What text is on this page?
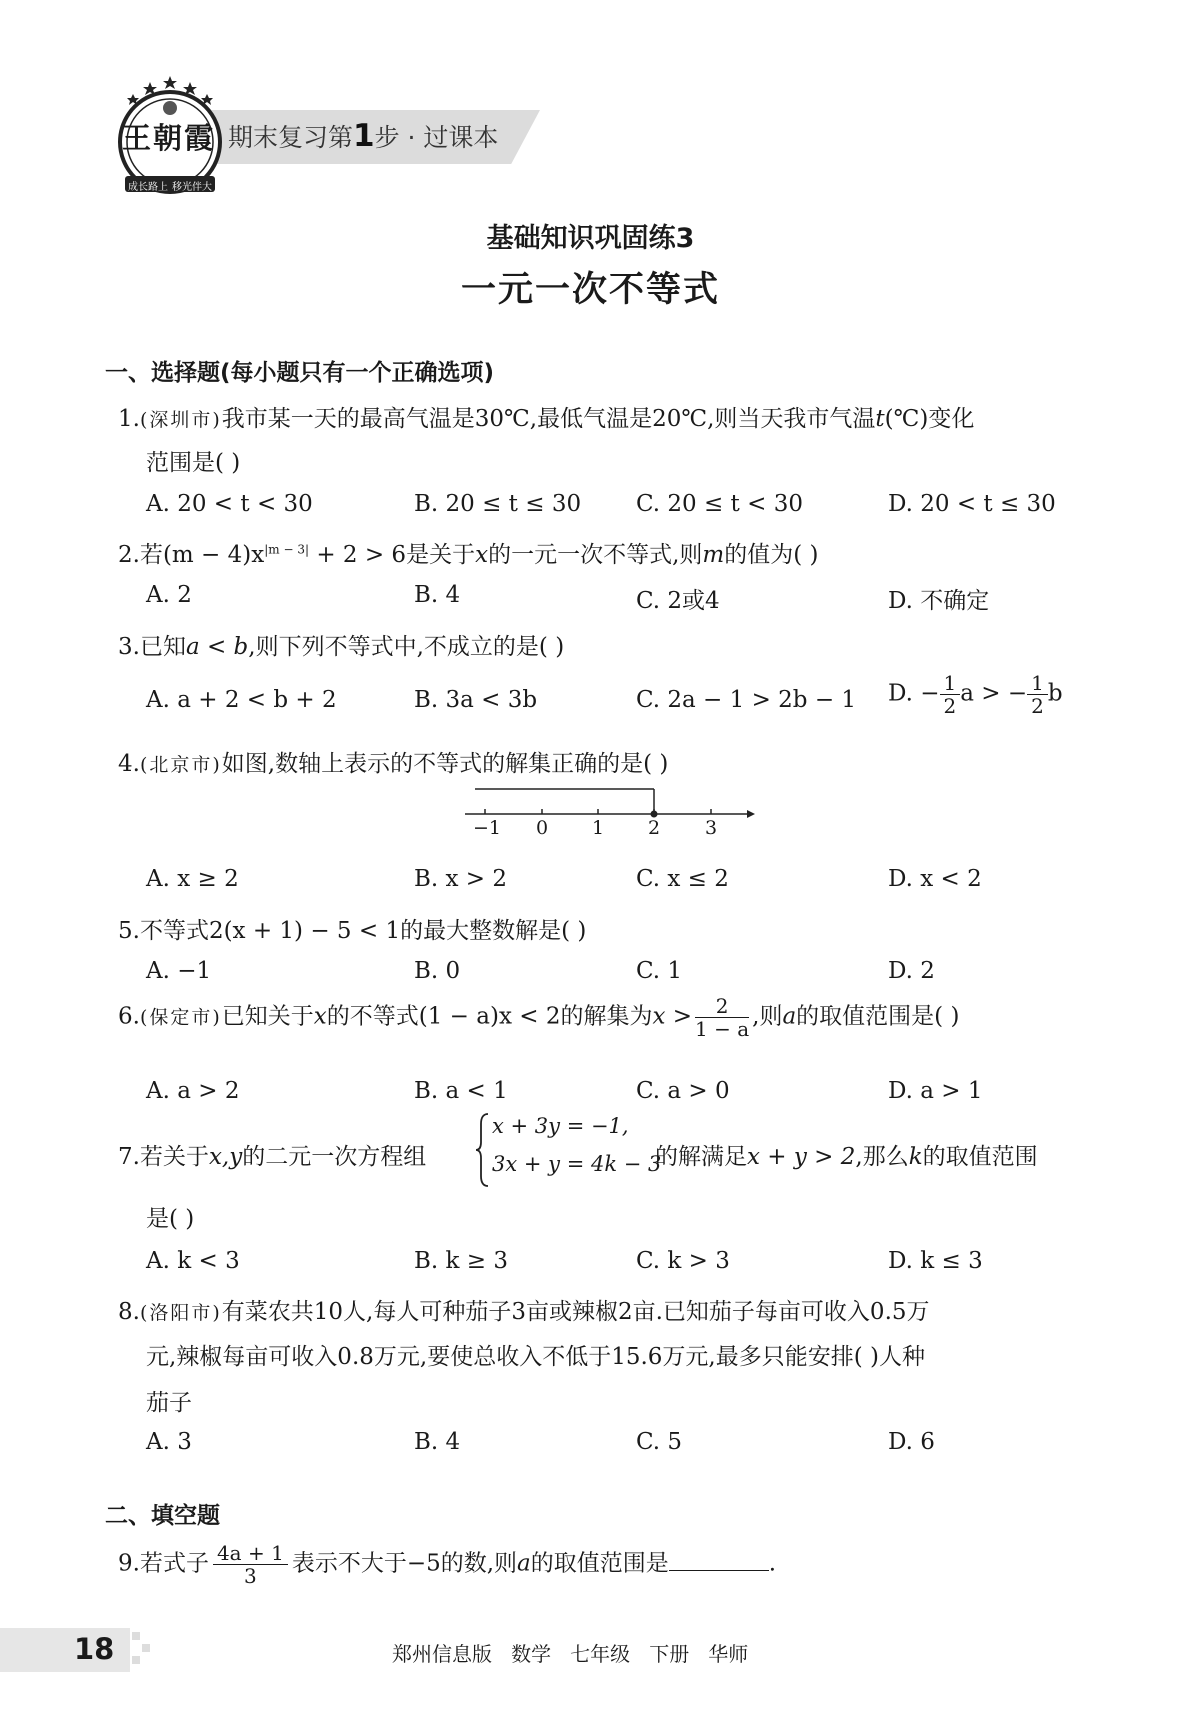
期末复习第1步 · 过课本
王朝霞
成长路上 移光伴大
基础知识巩固练3
一元一次不等式
一、选择题(每小题只有一个正确选项)
1.(深圳市)我市某一天的最高气温是30℃,最低气温是20℃,则当天我市气温t(℃)变化
范围是( )
A. 20 < t < 30	B. 20 ≤ t ≤ 30 C. 20 ≤ t < 30	D. 20 < t ≤ 30
2.若$(m - 4)x^{|m - 3|} + 2 > 6$是关于x的一元一次不等式,则m的值为( )
A. 2	B. 4	C. 2或4	D. 不确定
3.已知a < b,则下列不等式中,不成立的是( )
A. a + 2 < b + 2	B. 3a < 3b	C. 2a − 1 > 2b − 1 D. − $\frac{1}{2}$ a > − $\frac{1}{2}$ b
4.(北京市)如图,数轴上表示的不等式的解集正确的是( )
−1 0 1 2 3
A. x ≥ 2	B. x > 2	C. x ≤ 2	D. x < 2
5.不等式2(x + 1) − 5 < 1的最大整数解是( )
A. −1	B. 0	C. 1	D. 2
6.(保定市)已知关于x的不等式(1 − a)x < 2的解集为$x > \frac{2}{1 - a}$ ,则a的取值范围是( )
A. a > 2	B. a < 1	C. a > 0	D. a > 1
7.若关于x,y的二元一次方程组
x + 3y = −1,
3x + y = 4k − 3
的解满足x + y > 2,那么k的取值范围
是( )
A. k < 3	B. k ≥ 3	C. k > 3	D. k ≤ 3
8.(洛阳市)有菜农共10人,每人可种茄子3亩或辣椒2亩.已知茄子每亩可收入0.5万
元,辣椒每亩可收入0.8万元,要使总收入不低于15.6万元,最多只能安排( )人种
茄子
A. 3	B. 4	C. 5	D. 6
二、填空题
9.若式子 $\frac{4a + 1}{3}$ 表示不大于−5的数,则a的取值范围是	.
18	郑州信息版   数学   七年级   下册   华师
